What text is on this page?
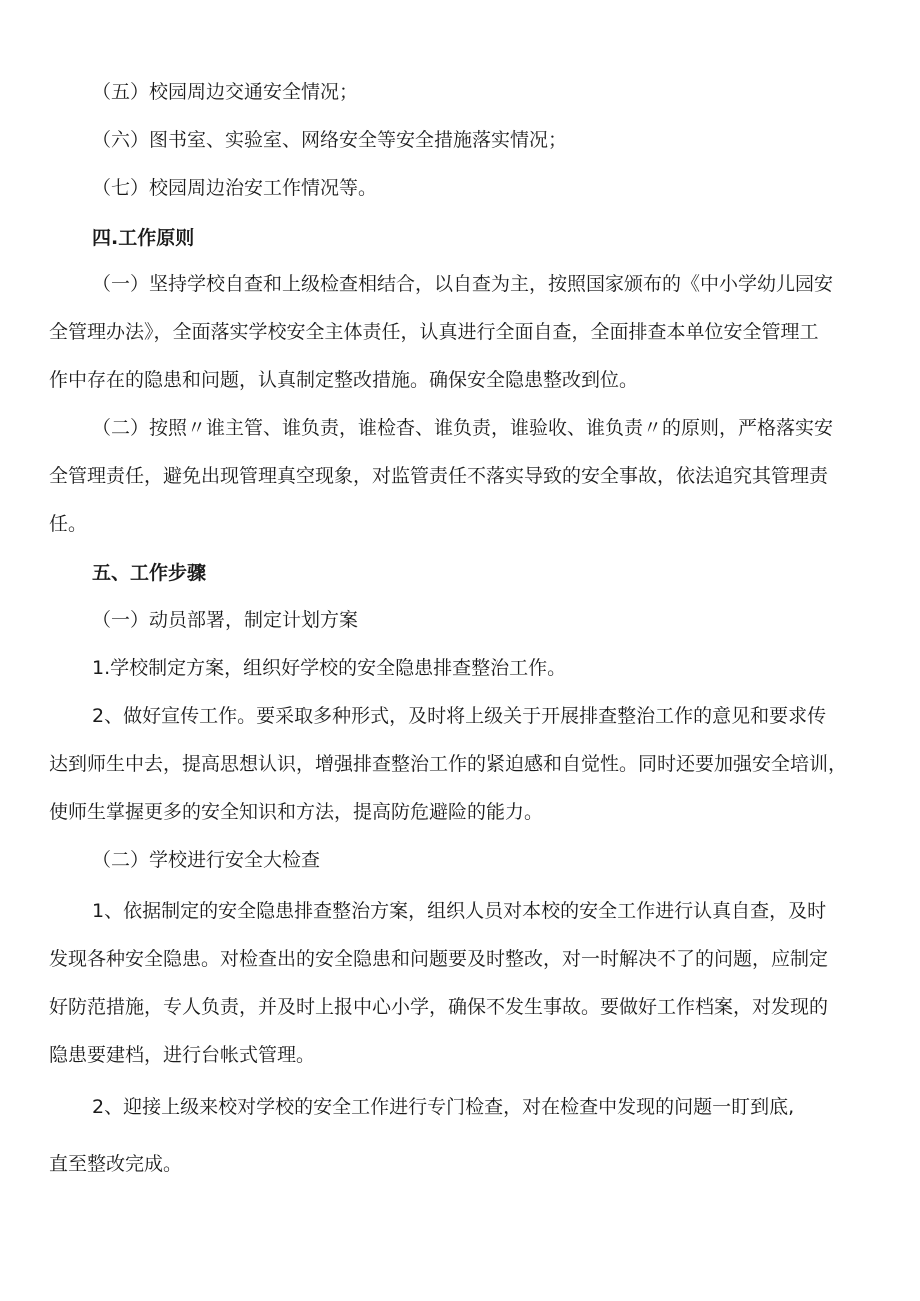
（五）校园周边交通安全情况；
（六）图书室、实验室、网络安全等安全措施落实情况；
（七）校园周边治安工作情况等。
四.工作原则
（一）坚持学校自查和上级检查相结合，以自查为主，按照国家颁布的《中小学幼儿园安
全管理办法》，全面落实学校安全主体责任，认真进行全面自查，全面排查本单位安全管理工
作中存在的隐患和问题，认真制定整改措施。确保安全隐患整改到位。
（二）按照〃谁主管、谁负责，谁检杳、谁负责，谁验收、谁负责〃的原则，严格落实安
全管理责任，避免出现管理真空现象，对监管责任不落实导致的安全事故，依法追究其管理责
任。
五、工作步骤
（一）动员部署，制定计划方案
1.学校制定方案，组织好学校的安全隐患排查整治工作。
2、做好宣传工作。要采取多种形式，及时将上级关于开展排查整治工作的意见和要求传
达到师生中去，提高思想认识，增强排查整治工作的紧迫感和自觉性。同时还要加强安全培训，
使师生掌握更多的安全知识和方法，提高防危避险的能力。
（二）学校进行安全大检查
1、依据制定的安全隐患排查整治方案，组织人员对本校的安全工作进行认真自查，及时
发现各种安全隐患。对检查出的安全隐患和问题要及时整改，对一时解决不了的问题，应制定
好防范措施，专人负责，并及时上报中心小学，确保不发生事故。要做好工作档案，对发现的
隐患要建档，进行台帐式管理。
2、迎接上级来校对学校的安全工作进行专门检查，对在检查中发现的问题一盯到底,
直至整改完成。
